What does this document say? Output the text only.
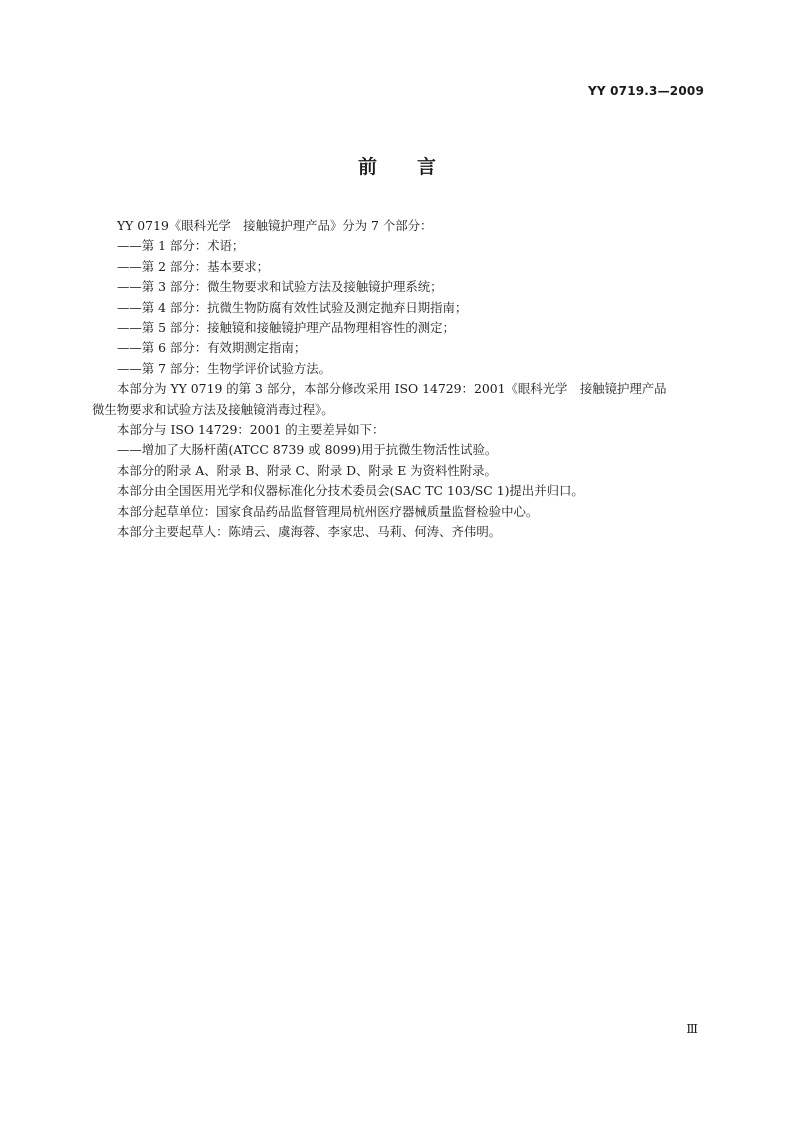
YY 0719.3—2009
前 言

YY 0719《眼科光学　接触镜护理产品》分为 7 个部分：

——第 1 部分：术语；

——第 2 部分：基本要求；

——第 3 部分：微生物要求和试验方法及接触镜护理系统；

——第 4 部分：抗微生物防腐有效性试验及测定抛弃日期指南；

——第 5 部分：接触镜和接触镜护理产品物理相容性的测定；

——第 6 部分：有效期测定指南；

——第 7 部分：生物学评价试验方法。

本部分为 YY 0719 的第 3 部分，本部分修改采用 ISO 14729：2001《眼科光学　接触镜护理产品
微生物要求和试验方法及接触镜消毒过程》。

本部分与 ISO 14729：2001 的主要差异如下：

——增加了大肠杆菌(ATCC 8739 或 8099)用于抗微生物活性试验。

本部分的附录 A、附录 B、附录 C、附录 D、附录 E 为资料性附录。

本部分由全国医用光学和仪器标准化分技术委员会(SAC TC 103/SC 1)提出并归口。

本部分起草单位：国家食品药品监督管理局杭州医疗器械质量监督检验中心。

本部分主要起草人：陈靖云、虞海蓉、李家忠、马莉、何涛、齐伟明。

Ⅲ
